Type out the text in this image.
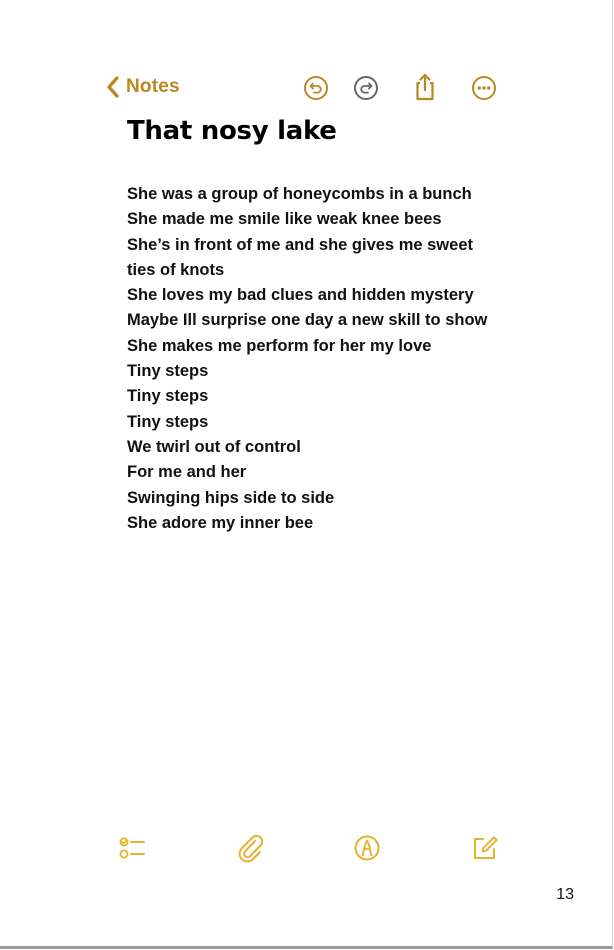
Notes
That nosy lake
She was a group of honeycombs in a bunch
She made me smile like weak knee bees
She’s in front of me and she gives me sweet
ties of knots
She loves my bad clues and hidden mystery
Maybe Ill surprise one day a new skill to show
She makes me perform for her my love
Tiny steps
Tiny steps
Tiny steps
We twirl out of control
For me and her
Swinging hips side to side
She adore my inner bee
13
